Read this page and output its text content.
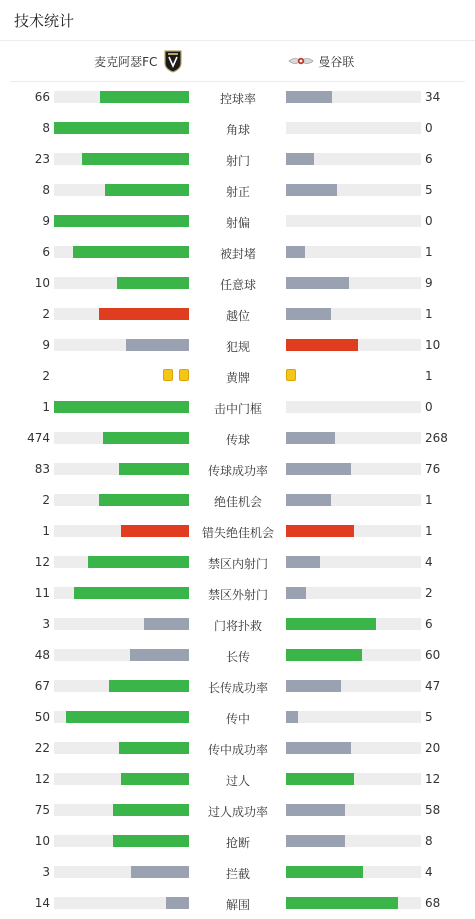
技术统计
麦克阿瑟FC	曼谷联
66	控球率	34
8	角球	0
23	射门	6
8	射正	5
9	射偏	0
6	被封堵	1
10	任意球	9
2	越位	1
9	犯规	10
2	黄牌	1
1	击中门框	0
474	传球	268
83	传球成功率	76
2	绝佳机会	1
1	错失绝佳机会	1
12	禁区内射门	4
11	禁区外射门	2
3	门将扑救	6
48	长传	60
67	长传成功率	47
50	传中	5
22	传中成功率	20
12	过人	12
75	过人成功率	58
10	抢断	8
3	拦截	4
14	解围	68
